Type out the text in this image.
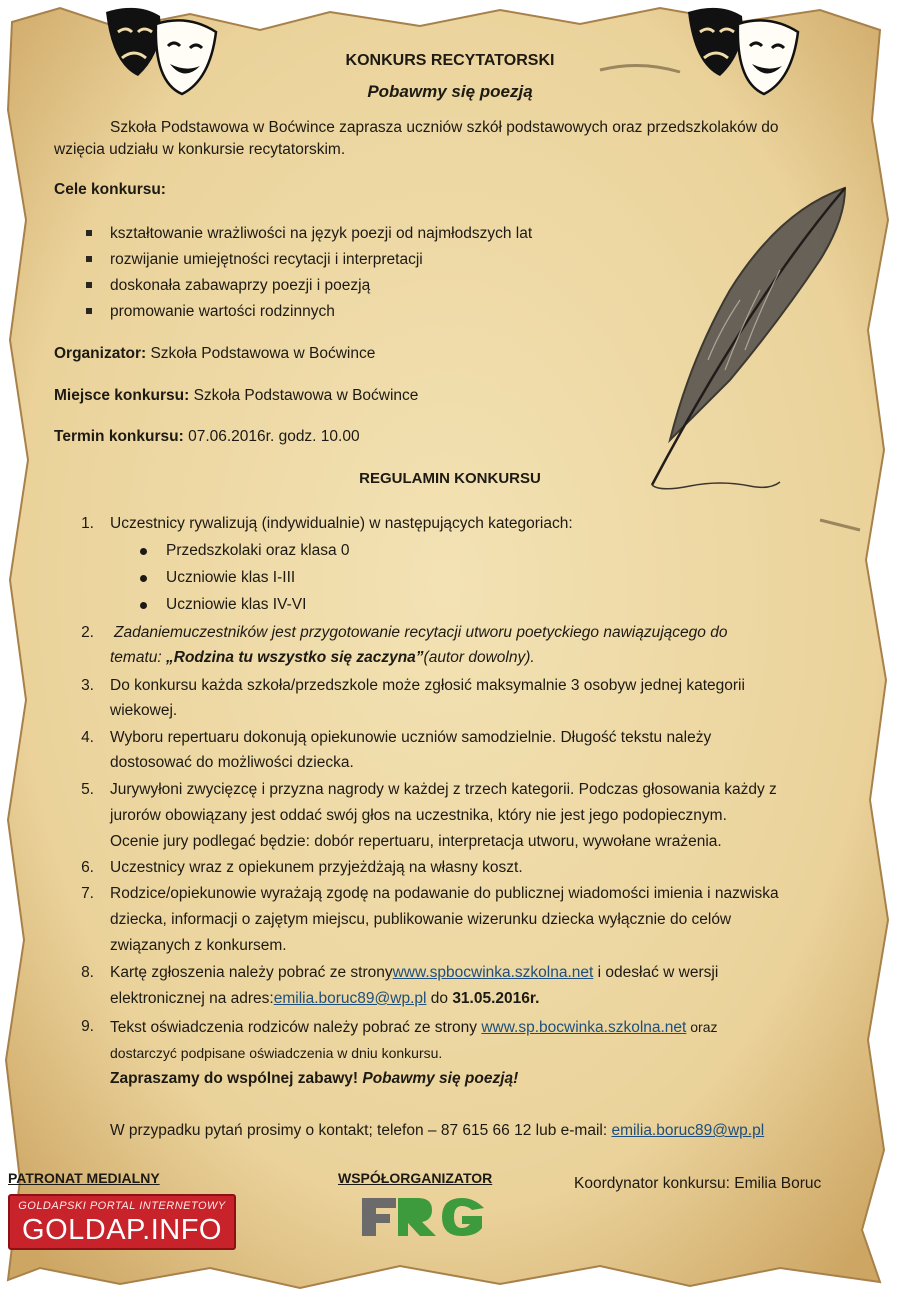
KONKURS RECYTATORSKI
Pobawmy się poezją
Szkoła Podstawowa w Boćwince zaprasza uczniów szkół podstawowych oraz przedszkolaków do
wzięcia udziału w konkursie recytatorskim.
Cele konkursu:
kształtowanie wrażliwości na język poezji od najmłodszych lat
rozwijanie umiejętności recytacji i interpretacji
doskonała zabawaprzy poezji i poezją
promowanie wartości rodzinnych
Organizator: Szkoła Podstawowa w Boćwince
Miejsce konkursu: Szkoła Podstawowa w Boćwince
Termin konkursu: 07.06.2016r. godz. 10.00
REGULAMIN KONKURSU
1. Uczestnicy rywalizują (indywidualnie) w następujących kategoriach:
Przedszkolaki oraz klasa 0
Uczniowie klas I-III
Uczniowie klas IV-VI
2. Zadaniemuczestników jest przygotowanie recytacji utworu poetyckiego nawiązującego do
tematu: „Rodzina tu wszystko się zaczyna”(autor dowolny).
3. Do konkursu każda szkoła/przedszkole może zgłosić maksymalnie 3 osobyw jednej kategorii
wiekowej.
4. Wyboru repertuaru dokonują opiekunowie uczniów samodzielnie. Długość tekstu należy
dostosować do możliwości dziecka.
5. Jurywyłoni zwycięzcę i przyzna nagrody w każdej z trzech kategorii. Podczas głosowania każdy z
jurorów obowiązany jest oddać swój głos na uczestnika, który nie jest jego podopiecznym.
Ocenie jury podlegać będzie: dobór repertuaru, interpretacja utworu, wywołane wrażenia.
6. Uczestnicy wraz z opiekunem przyjeżdżają na własny koszt.
7. Rodzice/opiekunowie wyrażają zgodę na podawanie do publicznej wiadomości imienia i nazwiska
dziecka, informacji o zajętym miejscu, publikowanie wizerunku dziecka wyłącznie do celów
związanych z konkursem.
8. Kartę zgłoszenia należy pobrać ze stronywww.spbocwinka.szkolna.net i odesłać w wersji
elektronicznej na adres:emilia.boruc89@wp.pl do 31.05.2016r.
9. Tekst oświadczenia rodziców należy pobrać ze strony www.sp.bocwinka.szkolna.net oraz
dostarczyć podpisane oświadczenia w dniu konkursu.
Zapraszamy do wspólnej zabawy! Pobawmy się poezją!
W przypadku pytań prosimy o kontakt; telefon – 87 615 66 12 lub e-mail: emilia.boruc89@wp.pl
PATRONAT MEDIALNY	WSPÓŁORGANIZATOR	Koordynator konkursu: Emilia Boruc
GOLDAPSKI PORTAL INTERNETOWY
GOLDAP.INFO
